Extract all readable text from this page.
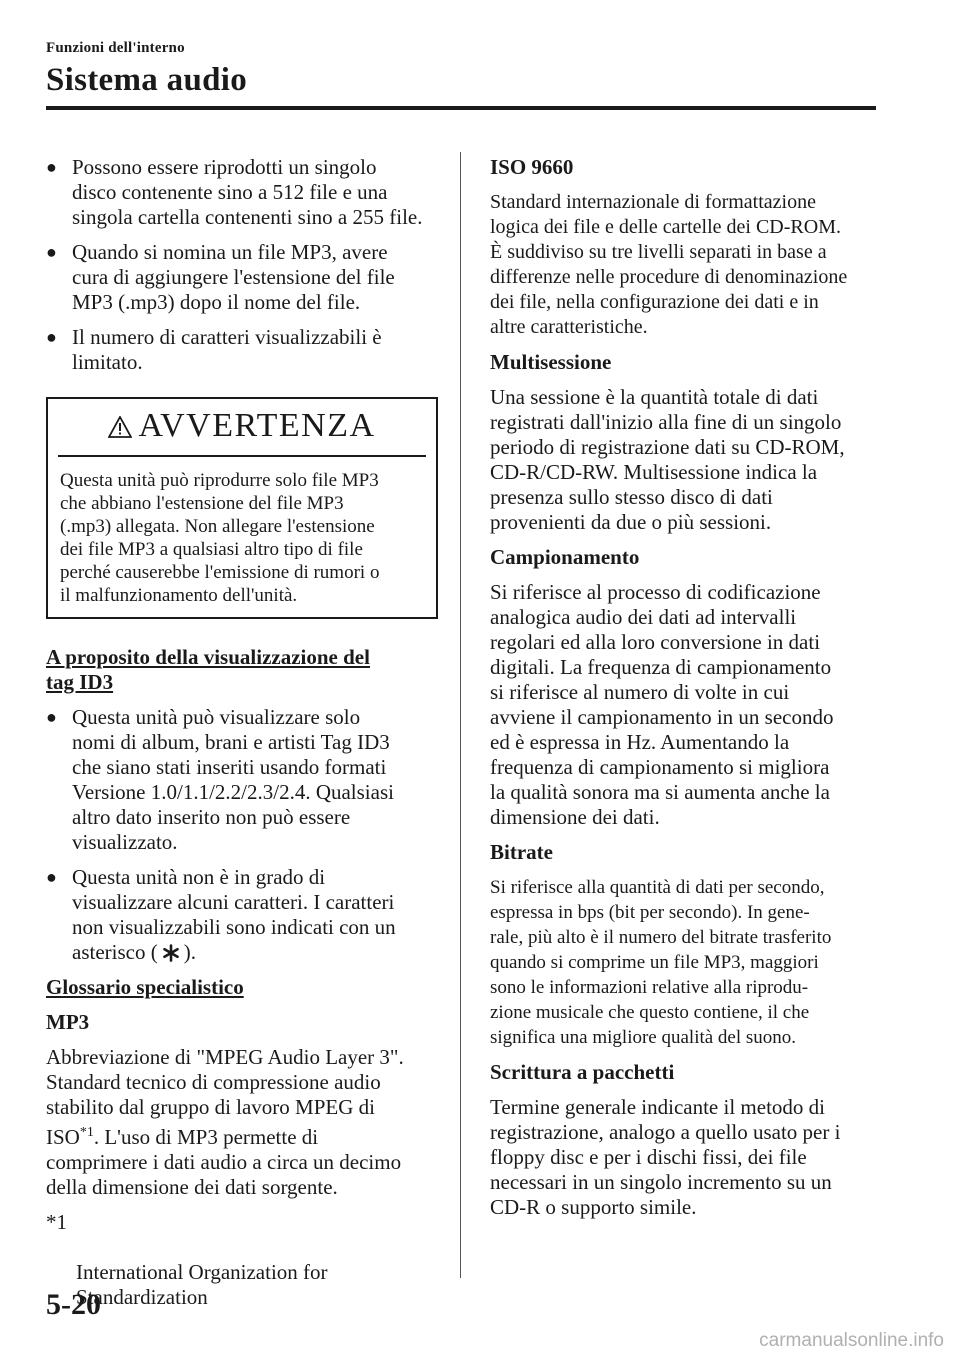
Funzioni dell'interno
Sistema audio
● Possono essere riprodotti un singolo
disco contenente sino a 512 file e una
singola cartella contenenti sino a 255 file.
● Quando si nomina un file MP3, avere
cura di aggiungere l'estensione del file
MP3 (.mp3) dopo il nome del file.
● Il numero di caratteri visualizzabili è
limitato.
AVVERTENZA
Questa unità può riprodurre solo file MP3
che abbiano l'estensione del file MP3
(.mp3) allegata. Non allegare l'estensione
dei file MP3 a qualsiasi altro tipo di file
perché causerebbe l'emissione di rumori o
il malfunzionamento dell'unità.
A proposito della visualizzazione del
tag ID3
● Questa unità può visualizzare solo
nomi di album, brani e artisti Tag ID3
che siano stati inseriti usando formati
Versione 1.0/1.1/2.2/2.3/2.4. Qualsiasi
altro dato inserito non può essere
visualizzato.
● Questa unità non è in grado di
visualizzare alcuni caratteri. I caratteri
non visualizzabili sono indicati con un
asterisco ( ).
Glossario specialistico
MP3
Abbreviazione di "MPEG Audio Layer 3".
Standard tecnico di compressione audio
stabilito dal gruppo di lavoro MPEG di
ISO$^{*1}$. L'uso di MP3 permette di
comprimere i dati audio a circa un decimo
della dimensione dei dati sorgente.

*1

International Organization for
Standardization

ISO 9660
Standard internazionale di formattazione
logica dei file e delle cartelle dei CD-ROM.
È suddiviso su tre livelli separati in base a
differenze nelle procedure di denominazione
dei file, nella configurazione dei dati e in
altre caratteristiche.
Multisessione
Una sessione è la quantità totale di dati
registrati dall'inizio alla fine di un singolo
periodo di registrazione dati su CD-ROM,
CD-R/CD-RW. Multisessione indica la
presenza sullo stesso disco di dati
provenienti da due o più sessioni.
Campionamento
Si riferisce al processo di codificazione
analogica audio dei dati ad intervalli
regolari ed alla loro conversione in dati
digitali. La frequenza di campionamento
si riferisce al numero di volte in cui
avviene il campionamento in un secondo
ed è espressa in Hz. Aumentando la
frequenza di campionamento si migliora
la qualità sonora ma si aumenta anche la
dimensione dei dati.
Bitrate
Si riferisce alla quantità di dati per secondo,
espressa in bps (bit per secondo). In gene-
rale, più alto è il numero del bitrate trasferito
quando si comprime un file MP3, maggiori
sono le informazioni relative alla riprodu-
zione musicale che questo contiene, il che
significa una migliore qualità del suono.
Scrittura a pacchetti
Termine generale indicante il metodo di
registrazione, analogo a quello usato per i
floppy disc e per i dischi fissi, dei file
necessari in un singolo incremento su un
CD-R o supporto simile.
5-20
carmanualsonline.info
